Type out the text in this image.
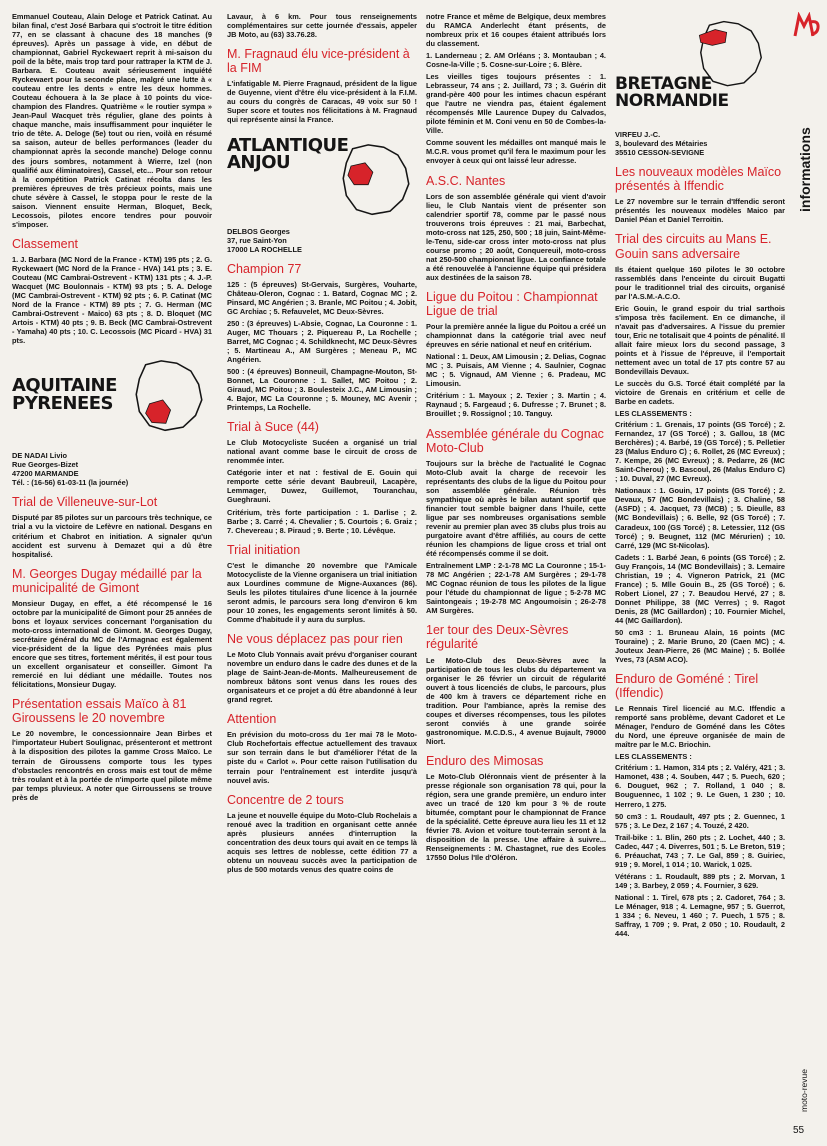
Emmanuel Couteau, Alain Deloge et Patrick Catinat. Au bilan final, c'est José Barbara qui s'octroit le titre édition 77, en se classant à chacune des 18 manches (9 épreuves). Après un passage à vide, en début de championnat, Gabriel Ryckewaert reprit à mi-saison du poil de la bête, mais trop tard pour rattraper la KTM de J. Barbara. E. Couteau avait sérieusement inquiété Ryckewaert pour la seconde place, malgré une lutte à « couteau entre les dents » entre les deux hommes. Couteau échouera à la 3e place à 10 points du vice-champion des Flandres. Quatrième « le routier sympa » Jean-Paul Wacquet très régulier, glane des points à chaque manche, mais insuffisamment pour inquiéter le trio de tête. A. Deloge (5e) tout ou rien, voilà en résumé sa saison, auteur de belles performances (leader du championnat après la seconde manche) Deloge connu des jours sombres, notamment à Wierre, Izel (non qualifié aux éliminatoires), Cassel, etc... Pour son retour à la compétition Patrick Catinat récolta dans les premières épreuves de très précieux points, mais une chute sévère à Cassel, le stoppa pour le reste de la saison. Viennent ensuite Herman, Bloquet, Beck, Lecossois, pilotes encore tendres pour pouvoir s'imposer.

Classement

1. J. Barbara (MC Nord de la France - KTM) 195 pts ; 2. G. Ryckewaert (MC Nord de la France - HVA) 141 pts ; 3. E. Couteau (MC Cambrai-Ostrevent - KTM) 131 pts ; 4. J.-P. Wacquet (MC Boulonnais - KTM) 93 pts ; 5. A. Deloge (MC Cambrai-Ostrevent - KTM) 92 pts ; 6. P. Catinat (MC Nord de la France - KTM) 89 pts ; 7. G. Herman (MC Cambrai-Ostrevent - Maico) 63 pts ; 8. D. Bloquet (MC Artois - KTM) 40 pts ; 9. B. Beck (MC Cambrai-Ostrevent - Yamaha) 40 pts ; 10. C. Lecossois (MC Picard - HVA) 31 pts.

AQUITAINE PYRENEES

DE NADAI Livio

Rue Georges-Bizet

47200 MARMANDE

Tél. : (16-56) 61-03-11 (la journée)

Trial de Villeneuve-sur-Lot

Disputé par 85 pilotes sur un parcours très technique, ce trial a vu la victoire de Lefèvre en national. Desgans en critérium et Chabrot en initiation. A signaler qu'un accident est survenu à Demazet qui a dû être hospitalisé.

M. Georges Dugay médaillé par la municipalité de Gimont

Monsieur Dugay, en effet, a été récompensé le 16 octobre par la municipalité de Gimont pour 25 années de bons et loyaux services concernant l'organisation du moto-cross international de Gimont. M. Georges Dugay, secrétaire général du MC de l'Armagnac est également vice-président de la ligue des Pyrénées mais plus encore que ses titres, fortement mérités, il est pour tous un excellent organisateur et conseiller. Gimont l'a remercié en lui dédiant une médaille. Toutes nos félicitations, Monsieur Dugay.

Présentation essais Maïco à 81 Giroussens le 20 novembre

Le 20 novembre, le concessionnaire Jean Birbes et l'importateur Hubert Soulignac, présenteront et mettront à la disposition des pilotes la gamme Cross Maïco. Le terrain de Giroussens comporte tous les types d'obstacles rencontrés en cross mais est tout de même très roulant et à la portée de n'importe quel pilote même par temps pluvieux. A noter que Girroussens se trouve près de

Lavaur, à 6 km. Pour tous renseignements complémentaires sur cette journée d'essais, appeler JB Moto, au (63) 33.76.28.

M. Fragnaud élu vice-président à la FIM

L'infatigable M. Pierre Fragnaud, président de la ligue de Guyenne, vient d'être élu vice-président à la F.I.M. au cours du congrès de Caracas, 49 voix sur 50 ! Super score et toutes nos félicitations à M. Fragnaud qui représente ainsi la France.

ATLANTIQUE ANJOU

DELBOS Georges

37, rue Saint-Yon

17000 LA ROCHELLE

Champion 77

125 : (5 épreuves) St-Gervais, Surgères, Vouharte, Château-Oleron, Cognac : 1. Batard, Cognac MC ; 2. Pinsard, MC Angérien ; 3. Branle, MC Poitou ; 4. Jobit, GC Archiac ; 5. Refauvelet, MC Deux-Sèvres.

250 : (3 épreuves) L-Absie, Cognac, La Couronne : 1. Auger, MC Thouars ; 2. Piquereau P., La Rochelle ; Barret, MC Cognac ; 4. Schildknecht, MC Deux-Sèvres ; 5. Martineau A., AM Surgères ; Meneau P., MC Angérien.

500 : (4 épreuves) Bonneuil, Champagne-Mouton, St-Bonnet, La Couronne : 1. Sallet, MC Poitou ; 2. Giraud, MC Poitou ; 3. Boulesteix J.C., AM Limousin ; 4. Bajor, MC La Couronne ; 5. Mouney, MC Avenir ; Printemps, La Rochelle.

Trial à Suce (44)

Le Club Motocycliste Sucéen a organisé un trial national avant comme base le circuit de cross de renommée inter.

Catégorie inter et nat : festival de E. Gouin qui remporte cette série devant Baubreuil, Lacapère, Lemmager, Duwez, Guillemot, Touranchau, Gueghrauni.

Critérium, très forte participation : 1. Darlise ; 2. Barbe ; 3. Carré ; 4. Chevalier ; 5. Courtois ; 6. Graiz ; 7. Chevereau ; 8. Piraud ; 9. Berte ; 10. Lévêque.

Trial initiation

C'est le dimanche 20 novembre que l'Amicale Motocycliste de la Vienne organisera un trial initiation aux Lourdines commune de Migne-Auxances (86). Seuls les pilotes titulaires d'une licence à la journée seront admis, le parcours sera long d'environ 6 km pour 10 zones, les engagements seront limités à 50. Comme d'habitude il y aura du surplus.

Ne vous déplacez pas pour rien

Le Moto Club Yonnais avait prévu d'organiser courant novembre un enduro dans le cadre des dunes et de la plage de Saint-Jean-de-Monts. Malheureusement de nombreux bâtons sont venus dans les roues des organisateurs et ce projet a dû être abandonné à leur grand regret.

Attention

En prévision du moto-cross du 1er mai 78 le Moto-Club Rochefortais effectue actuellement des travaux sur son terrain dans le but d'améliorer l'état de la piste du « Carlot ». Pour cette raison l'utilisation du terrain pour l'entraînement est interdite jusqu'à nouvel avis.

Concentre de 2 tours

La jeune et nouvelle équipe du Moto-Club Rochelais a renoué avec la tradition en organisant cette année après plusieurs années d'interruption la concentration des deux tours qui avait en ce temps là acquis ses lettres de noblesse, cette édition 77 a obtenu un nouveau succès avec la participation de plus de 500 motards venus des quatre coins de

notre France et même de Belgique, deux membres du RAMCA Anderlecht étant présents, de nombreux prix et 16 coupes étaient attribués lors du classement.

1. Landerneau ; 2. AM Orléans ; 3. Montauban ; 4. Cosne-la-Ville ; 5. Cosne-sur-Loire ; 6. Blère.

Les vieilles tiges toujours présentes : 1. Lebrasseur, 74 ans ; 2. Juillard, 73 ; 3. Guérin dit grand-père 400 pour les intimes chacun espérant que l'autre ne viendra pas, étaient également récompensés Mlle Laurence Dupey du Calvados, pilote féminin et M. Coni venu en 50 de Combes-la-Ville.

Comme souvent les médailles ont manqué mais le M.C.R. vous promet qu'il fera le maximum pour les envoyer à ceux qui ont laissé leur adresse.

A.S.C. Nantes

Lors de son assemblée générale qui vient d'avoir lieu, le Club Nantais vient de présenter son calendrier sportif 78, comme par le passé nous trouverons trois épreuves : 21 mai, Barbechat, moto-cross nat 125, 250, 500 ; 18 juin, Saint-Même-le-Tenu, side-car cross inter moto-cross nat plus course promo ; 20 août, Conquereuil, moto-cross nat 250-500 championnat ligue. La confiance totale a été renouvelée à l'ancienne équipe qui présidera aux destinées de la saison 78.

Ligue du Poitou : Championnat Ligue de trial

Pour la première année la ligue du Poitou a créé un championnat dans la catégorie trial avec neuf épreuves en série national et neuf en critérium.

National : 1. Deux, AM Limousin ; 2. Delias, Cognac MC ; 3. Puisais, AM Vienne ; 4. Saulnier, Cognac MC ; 5. Vignaud, AM Vienne ; 6. Pradeau, MC Limousin.

Critérium : 1. Mayoux ; 2. Texier ; 3. Martin ; 4. Raynaud ; 5. Fargeaud ; 6. Dufresse ; 7. Brunet ; 8. Brouillet ; 9. Rossignol ; 10. Tanguy.

Assemblée générale du Cognac Moto-Club

Toujours sur la brèche de l'actualité le Cognac Moto-Club avait la charge de recevoir les représentants des clubs de la ligue du Poitou pour son assemblée générale. Réunion très sympathique où après le bilan autant sportif que financier tout semble baigner dans l'huile, cette ligue par ses nombreuses organisations semble revenir au premier plan avec 35 clubs plus trois au purgatoire avant d'être affiliés, au cours de cette réunion les champions de ligue cross et trial ont été récompensés comme il se doit.

Entraînement LMP : 2-1-78 MC La Couronne ; 15-1-78 MC Angérien ; 22-1-78 AM Surgères ; 29-1-78 MC Cognac réunion de tous les pilotes de la ligue pour l'étude du championnat de ligue ; 5-2-78 MC Saintongeais ; 19-2-78 MC Angoumoisin ; 26-2-78 AM Surgères.

1er tour des Deux-Sèvres régularité

Le Moto-Club des Deux-Sèvres avec la participation de tous les clubs du département va organiser le 26 février un circuit de régularité ouvert à tous licenciés de clubs, le parcours, plus de 400 km à travers ce département riche en tradition. Pour l'ambiance, après la remise des coupes et diverses récompenses, tous les pilotes seront conviés à une grande soirée gastronomique. M.C.D.S., 4 avenue Bujault, 79000 Niort.

Enduro des Mimosas

Le Moto-Club Oléronnais vient de présenter à la presse régionale son organisation 78 qui, pour la région, sera une grande première, un enduro inter avec un tracé de 120 km pour 3 % de route bitumée, comptant pour le championnat de France de la spécialité. Cette épreuve aura lieu les 11 et 12 février 78. Avion et voiture tout-terrain seront à la disposition de la presse. Une affaire à suivre... Renseignements : M. Chastagnet, rue des Ecoles 17550 Dolus l'Ile d'Oléron.

BRETAGNE NORMANDIE

VIRFEU J.-C.

3, boulevard des Métairies

35510 CESSON-SEVIGNE

Les nouveaux modèles Maïco présentés à Iffendic

Le 27 novembre sur le terrain d'Iffendic seront présentés les nouveaux modèles Maico par Daniel Péan et Daniel Terroitin.

Trial des circuits au Mans E. Gouin sans adversaire

Ils étaient quelque 160 pilotes le 30 octobre rassemblés dans l'enceinte du circuit Bugatti pour le traditionnel trial des circuits, organisé par l'A.S.M.-A.C.O.

Eric Gouin, le grand espoir du trial sarthois s'imposa très facilement. En ce dimanche, il n'avait pas d'adversaires. A l'issue du premier tour, Eric ne totalisait que 4 points de pénalité. Il allait faire mieux lors du second passage, 3 points et à l'issue de l'épreuve, il l'emportait nettement avec un total de 17 pts contre 57 au Bondevillais Devaux.

Le succès du G.S. Torcé était complété par la victoire de Grenais en critérium et celle de Barbe en cadets.

LES CLASSEMENTS :

Critérium : 1. Grenais, 17 points (GS Torcé) ; 2. Fernandez, 17 (GS Torcé) ; 3. Gallou, 18 (MC Berchères) ; 4. Barbé, 19 (GS Torcé) ; 5. Pelletier 23 (Malus Enduro C) ; 6. Rollet, 26 (MC Evreux) ; 7. Kempe, 26 (MC Evreux) ; 8. Pedarre, 26 (MC Saint-Cherou) ; 9. Bascoul, 26 (Malus Enduro C) ; 10. Duval, 27 (MC Evreux).

Nationaux : 1. Gouin, 17 points (GS Torcé) ; 2. Devaux, 57 (MC Bondevillais) ; 3. Chaline, 58 (ASFD) ; 4. Jacquet, 73 (MCB) ; 5. Dieulle, 83 (MC Bondevillais) ; 6. Belle, 92 (GS Torcé) ; 7. Caradeux, 100 (GS Torcé) ; 8. Letessier, 112 (GS Torcé) ; 9. Beugnet, 112 (MC Mérurien) ; 10. Carré, 129 (MC St-Nicolas).

Cadets : 1. Barbé Jean, 6 points (GS Torcé) ; 2. Guy François, 14 (MC Bondevillais) ; 3. Lemaire Christian, 19 ; 4. Vigneron Patrick, 21 (MC France) ; 5. Mlle Gouin B., 25 (GS Torcé) ; 6. Robert Lionel, 27 ; 7. Beaudou Hervé, 27 ; 8. Donnet Philippe, 38 (MC Verres) ; 9. Ragot Denis, 28 (MC Gaillardon) ; 10. Fournier Michel, 44 (MC Gaillardon).

50 cm3 : 1. Bruneau Alain, 16 points (MC Touraine) ; 2. Marie Bruno, 20 (Caen MC) ; 4. Jouteux Jean-Pierre, 26 (MC Maine) ; 5. Bollée Yves, 73 (ASM ACO).

Enduro de Goméné : Tirel (Iffendic)

Le Rennais Tirel licencié au M.C. Iffendic a remporté sans problème, devant Cadoret et Le Ménager, l'enduro de Goméné dans les Côtes du Nord, une épreuve organisée de main de maître par le M.C. Briochin.

LES CLASSEMENTS :

Critérium : 1. Hamon, 314 pts ; 2. Valéry, 421 ; 3. Hamonet, 438 ; 4. Souben, 447 ; 5. Puech, 620 ; 6. Douguet, 962 ; 7. Rolland, 1 040 ; 8. Bouguennec, 1 102 ; 9. Le Guen, 1 230 ; 10. Herrero, 1 275.

50 cm3 : 1. Roudault, 497 pts ; 2. Guennec, 1 575 ; 3. Le Dez, 2 167 ; 4. Touzé, 2 420.

Trail-bike : 1. Blin, 260 pts ; 2. Lochet, 440 ; 3. Cadec, 447 ; 4. Diverres, 501 ; 5. Le Breton, 519 ; 6. Préauchat, 743 ; 7. Le Gal, 859 ; 8. Guiriec, 919 ; 9. Morel, 1 014 ; 10. Warick, 1 025.

Vétérans : 1. Roudault, 889 pts ; 2. Morvan, 1 149 ; 3. Barbey, 2 059 ; 4. Fournier, 3 629.

National : 1. Tirel, 678 pts ; 2. Cadoret, 764 ; 3. Le Ménager, 918 ; 4. Lemagne, 957 ; 5. Guerrot, 1 334 ; 6. Neveu, 1 460 ; 7. Puech, 1 575 ; 8. Saffray, 1 709 ; 9. Prat, 2 050 ; 10. Roudault, 2 444.

informations
moto-revue
55
